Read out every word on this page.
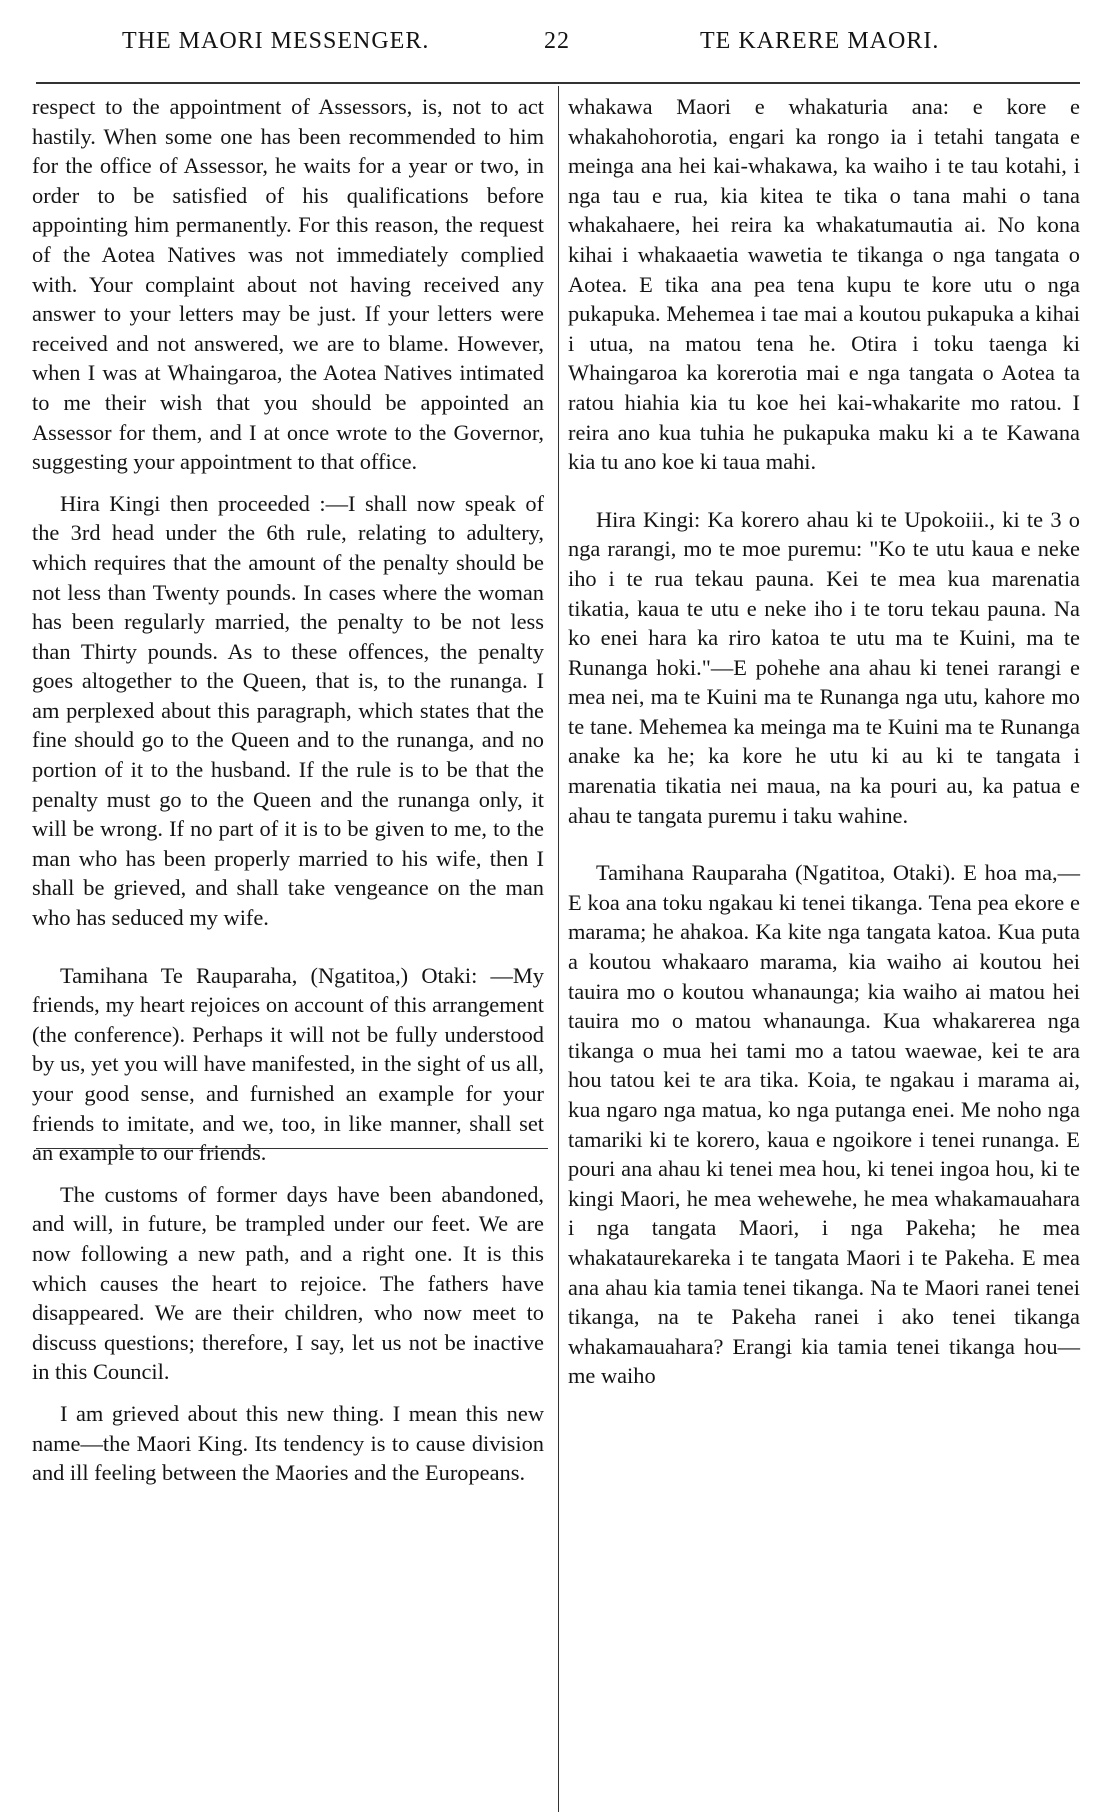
THE MAORI MESSENGER.	22	TE KARERE MAORI.

respect to the appointment of Assessors, is, not to act hastily. When some one has been recommended to him for the office of Assessor, he waits for a year or two, in order to be satisfied of his qualifications before appointing him permanently. For this reason, the request of the Aotea Natives was not immediately complied with. Your complaint about not having received any answer to your letters may be just. If your letters were received and not answered, we are to blame. However, when I was at Whaingaroa, the Aotea Natives intimated to me their wish that you should be appointed an Assessor for them, and I at once wrote to the Governor, suggesting your appointment to that office.

Hira Kingi then proceeded :—I shall now speak of the 3rd head under the 6th rule, relating to adultery, which requires that the amount of the penalty should be not less than Twenty pounds. In cases where the woman has been regularly married, the penalty to be not less than Thirty pounds. As to these offences, the penalty goes altogether to the Queen, that is, to the runanga. I am perplexed about this paragraph, which states that the fine should go to the Queen and to the runanga, and no portion of it to the husband. If the rule is to be that the penalty must go to the Queen and the runanga only, it will be wrong. If no part of it is to be given to me, to the man who has been properly married to his wife, then I shall be grieved, and shall take vengeance on the man who has seduced my wife.

Tamihana Te Rauparaha, (Ngatitoa,) Otaki: —My friends, my heart rejoices on account of this arrangement (the conference). Perhaps it will not be fully understood by us, yet you will have manifested, in the sight of us all, your good sense, and furnished an example for your friends to imitate, and we, too, in like manner, shall set an example to our friends.

The customs of former days have been abandoned, and will, in future, be trampled under our feet. We are now following a new path, and a right one. It is this which causes the heart to rejoice. The fathers have disappeared. We are their children, who now meet to discuss questions; therefore, I say, let us not be inactive in this Council.

I am grieved about this new thing. I mean this new name—the Maori King. Its tendency is to cause division and ill feeling between the Maories and the Europeans.

whakawa Maori e whakaturia ana: e kore e whakahohorotia, engari ka rongo ia i tetahi tangata e meinga ana hei kai-whakawa, ka waiho i te tau kotahi, i nga tau e rua, kia kitea te tika o tana mahi o tana whakahaere, hei reira ka whakatumautia ai. No kona kihai i whakaaetia wawetia te tikanga o nga tangata o Aotea. E tika ana pea tena kupu te kore utu o nga pukapuka. Mehemea i tae mai a koutou pukapuka a kihai i utua, na matou tena he. Otira i toku taenga ki Whaingaroa ka korerotia mai e nga tangata o Aotea ta ratou hiahia kia tu koe hei kai-whakarite mo ratou. I reira ano kua tuhia he pukapuka maku ki a te Kawana kia tu ano koe ki taua mahi.

Hira Kingi: Ka korero ahau ki te Upokoiii., ki te 3 o nga rarangi, mo te moe puremu: "Ko te utu kaua e neke iho i te rua tekau pauna. Kei te mea kua marenatia tikatia, kaua te utu e neke iho i te toru tekau pauna. Na ko enei hara ka riro katoa te utu ma te Kuini, ma te Runanga hoki."—E pohehe ana ahau ki tenei rarangi e mea nei, ma te Kuini ma te Runanga nga utu, kahore mo te tane. Mehemea ka meinga ma te Kuini ma te Runanga anake ka he; ka kore he utu ki au ki te tangata i marenatia tikatia nei maua, na ka pouri au, ka patua e ahau te tangata puremu i taku wahine.

Tamihana Rauparaha (Ngatitoa, Otaki). E hoa ma,—E koa ana toku ngakau ki tenei tikanga. Tena pea ekore e marama; he ahakoa. Ka kite nga tangata katoa. Kua puta a koutou whakaaro marama, kia waiho ai koutou hei tauira mo o koutou whanaunga; kia waiho ai matou hei tauira mo o matou whanaunga. Kua whakarerea nga tikanga o mua hei tami mo a tatou waewae, kei te ara hou tatou kei te ara tika. Koia, te ngakau i marama ai, kua ngaro nga matua, ko nga putanga enei. Me noho nga tamariki ki te korero, kaua e ngoikore i tenei runanga. E pouri ana ahau ki tenei mea hou, ki tenei ingoa hou, ki te kingi Maori, he mea wehewehe, he mea whakamauahara i nga tangata Maori, i nga Pakeha; he mea whakataurekareka i te tangata Maori i te Pakeha. E mea ana ahau kia tamia tenei tikanga. Na te Maori ranei tenei tikanga, na te Pakeha ranei i ako tenei tikanga whakamauahara? Erangi kia tamia tenei tikanga hou—me waiho
